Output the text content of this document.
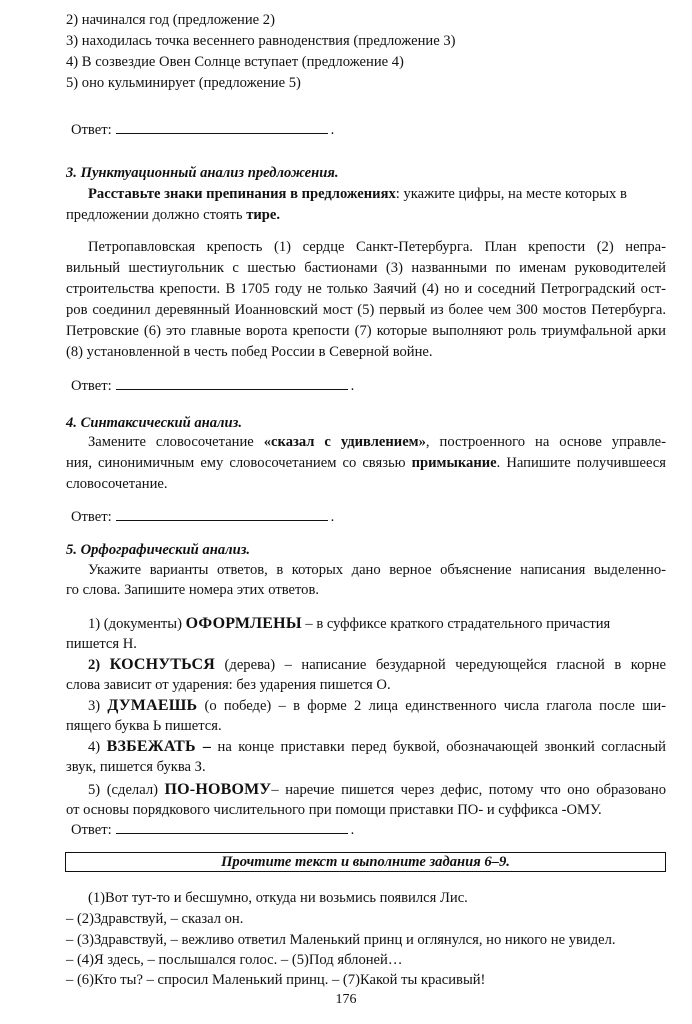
2) начинался год (предложение 2)
3) находилась точка весеннего равноденствия (предложение 3)
4) В созвездие Овен Солнце вступает (предложение 4)
5) оно кульминирует (предложение 5)
Ответ:	.
3. Пунктуационный анализ предложения.
Расставьте знаки препинания в предложениях: укажите цифры, на месте которых в
предложении должно стоять тире.
Петропавловская крепость (1) сердце Санкт-Петербурга. План крепости (2) непра-
вильный шестиугольник с шестью бастионами (3) названными по именам руководителей
строительства крепости. В 1705 году не только Заячий (4) но и соседний Петроградский ост-
ров соединил деревянный Иоанновский мост (5) первый из более чем 300 мостов Петербурга.
Петровские (6) это главные ворота крепости (7) которые выполняют роль триумфальной арки
(8) установленной в честь побед России в Северной войне.
Ответ:	.
4. Синтаксический анализ.
Замените словосочетание «сказал с удивлением», построенного на основе управле-
ния, синонимичным ему словосочетанием со связью примыкание. Напишите получившееся
словосочетание.
Ответ:	.
5. Орфографический анализ.
Укажите варианты ответов, в которых дано верное объяснение написания выделенно-
го слова. Запишите номера этих ответов.
1) (документы) ОФОРМЛЕНЫ – в суффиксе краткого страдательного причастия
пишется Н.
2) КОСНУТЬСЯ (дерева) – написание безударной чередующейся гласной в корне
слова зависит от ударения: без ударения пишется О.
3) ДУМАЕШЬ (о победе) – в форме 2 лица единственного числа глагола после ши-
пящего буква Ь пишется.
4) ВЗБЕЖАТЬ – на конце приставки перед буквой, обозначающей звонкий согласный
звук, пишется буква З.
5) (сделал) ПО-НОВОМУ– наречие пишется через дефис, потому что оно образовано
от основы порядкового числительного при помощи приставки ПО- и суффикса -ОМУ.
Ответ:	.
Прочтите текст и выполните задания 6–9.
(1)Вот тут-то и бесшумно, откуда ни возьмись появился Лис.
– (2)Здравствуй, – сказал он.
– (3)Здравствуй, – вежливо ответил Маленький принц и оглянулся, но никого не увидел.
– (4)Я здесь, – послышался голос. – (5)Под яблоней…
– (6)Кто ты? – спросил Маленький принц. – (7)Какой ты красивый!
176
